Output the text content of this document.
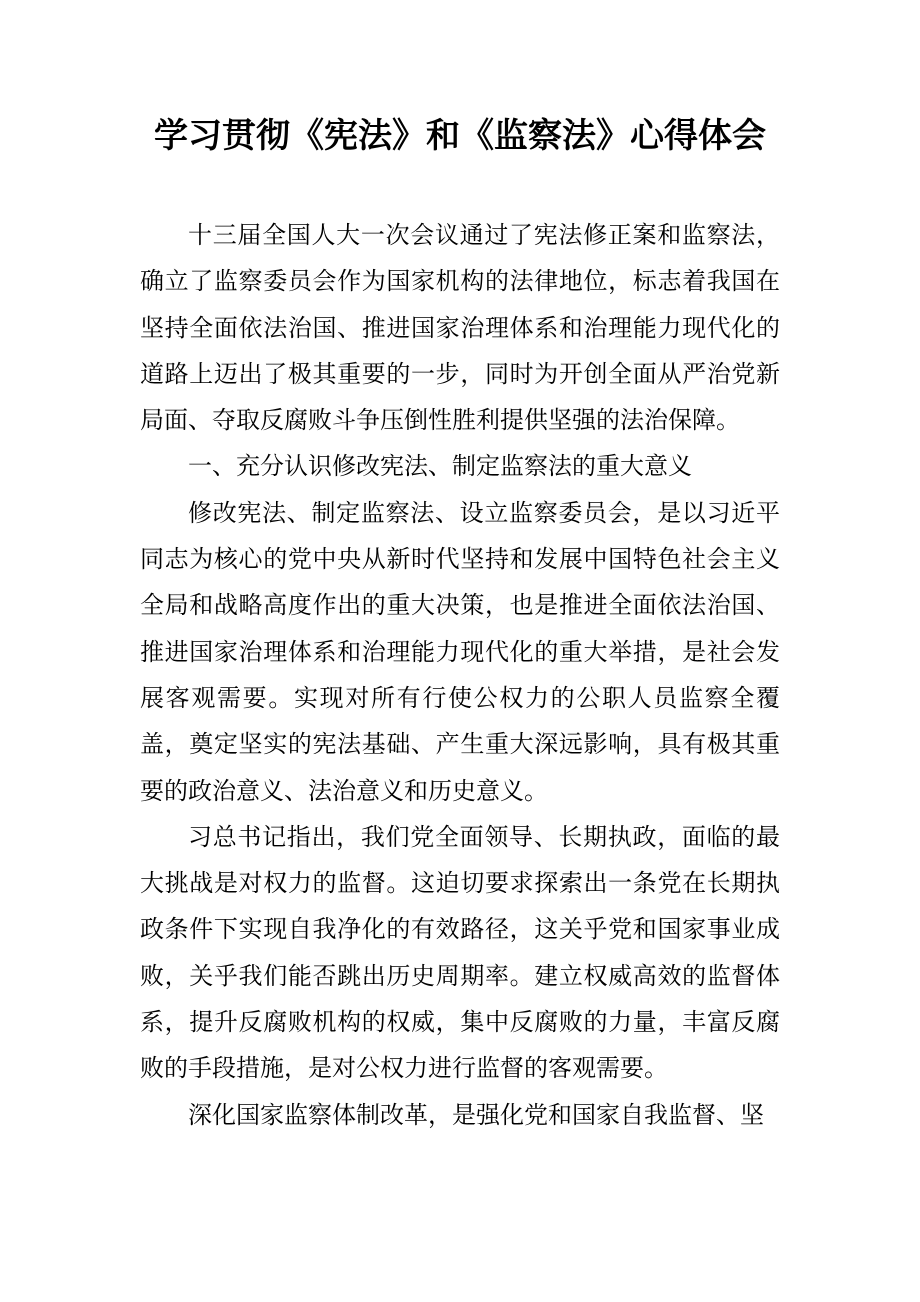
学习贯彻《宪法》和《监察法》心得体会

十三届全国人大一次会议通过了宪法修正案和监察法，确立了监察委员会作为国家机构的法律地位，标志着我国在坚持全面依法治国、推进国家治理体系和治理能力现代化的道路上迈出了极其重要的一步，同时为开创全面从严治党新局面、夺取反腐败斗争压倒性胜利提供坚强的法治保障。

一、充分认识修改宪法、制定监察法的重大意义

修改宪法、制定监察法、设立监察委员会，是以习近平同志为核心的党中央从新时代坚持和发展中国特色社会主义全局和战略高度作出的重大决策，也是推进全面依法治国、推进国家治理体系和治理能力现代化的重大举措，是社会发展客观需要。实现对所有行使公权力的公职人员监察全覆盖，奠定坚实的宪法基础、产生重大深远影响，具有极其重要的政治意义、法治意义和历史意义。

习总书记指出，我们党全面领导、长期执政，面临的最大挑战是对权力的监督。这迫切要求探索出一条党在长期执政条件下实现自我净化的有效路径，这关乎党和国家事业成败，关乎我们能否跳出历史周期率。建立权威高效的监督体系，提升反腐败机构的权威，集中反腐败的力量，丰富反腐败的手段措施，是对公权力进行监督的客观需要。

深化国家监察体制改革，是强化党和国家自我监督、坚
